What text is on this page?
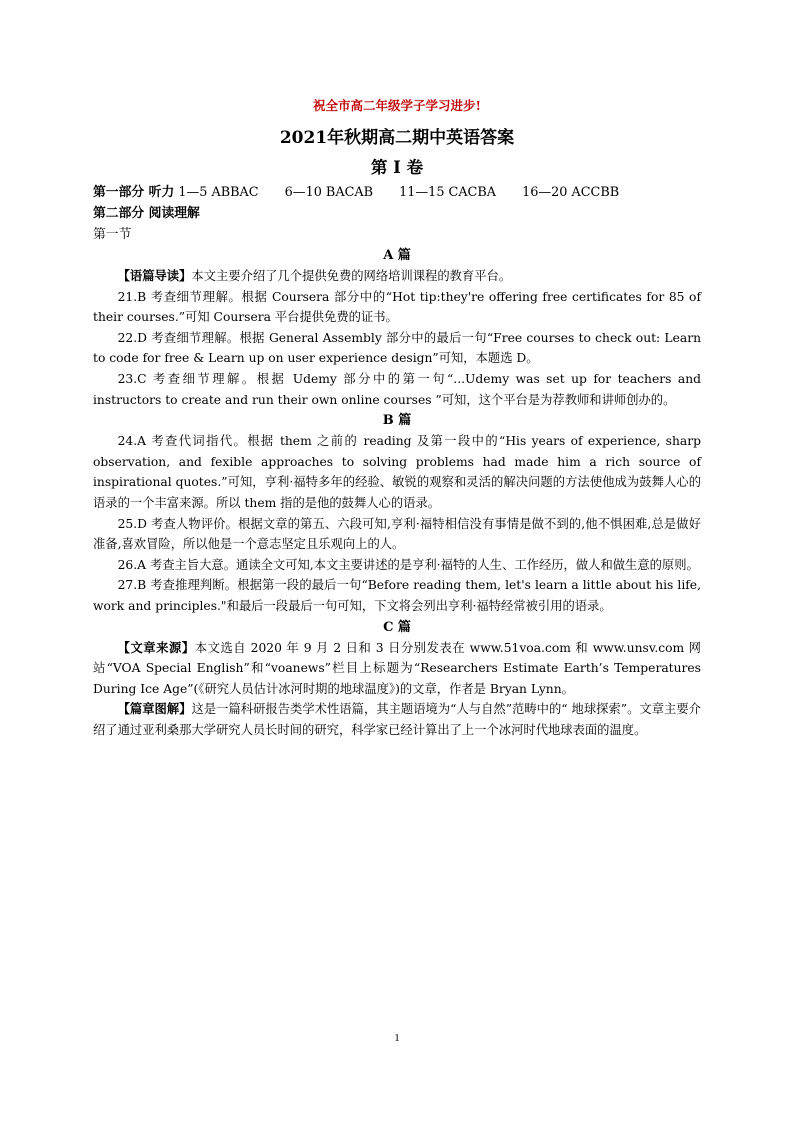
祝全市高二年级学子学习进步!

2021年秋期高二期中英语答案

第 I 卷

第一部分 听力 1—5 ABBAC 6—10 BACAB 11—15 CACBA 16—20 ACCBB

第二部分 阅读理解

第一节

A 篇

【语篇导读】本文主要介绍了几个提供免费的网络培训课程的教育平台。

21.B 考查细节理解。根据 Coursera 部分中的“Hot tip:they're offering free certificates for 85 of their courses.”可知 Coursera 平台提供免费的证书。

22.D 考查细节理解。根据 General Assembly 部分中的最后一句“Free courses to check out: Learn to code for free & Learn up on user experience design”可知，本题选 D。

23.C 考查细节理解。根据 Udemy 部分中的第一句“...Udemy was set up for teachers and instructors to create and run their own online courses ”可知，这个平台是为荐教师和讲师创办的。

B 篇

24.A 考查代词指代。根据 them 之前的 reading 及第一段中的“His years of experience, sharp observation, and fexible approaches to solving problems had made him a rich source of inspirational quotes.”可知，亨利·福特多年的经验、敏锐的观察和灵活的解决问题的方法使他成为鼓舞人心的语录的一个丰富来源。所以 them 指的是他的鼓舞人心的语录。

25.D 考查人物评价。根据文章的第五、六段可知,亨利·福特相信没有事情是做不到的,他不惧困难,总是做好准备,喜欢冒险，所以他是一个意志坚定且乐观向上的人。

26.A 考查主旨大意。通读全文可知,本文主要讲述的是亨利·福特的人生、工作经历，做人和做生意的原则。

27.B 考查推理判断。根据第一段的最后一句“Before reading them, let's learn a little about his life, work and principles."和最后一段最后一句可知，下文将会列出亨利·福特经常被引用的语录。

C 篇

【文章来源】本文选自 2020 年 9 月 2 日和 3 日分别发表在 www.51voa.com 和 www.unsv.com 网站“VOA Special English”和“voanews”栏目上标题为“Researchers Estimate Earth’s Temperatures During Ice Age”(《研究人员估计冰河时期的地球温度》)的文章，作者是 Bryan Lynn。

【篇章图解】这是一篇科研报告类学术性语篇，其主题语境为“人与自然”范畴中的“ 地球探索”。文章主要介绍了通过亚利桑那大学研究人员长时间的研究，科学家已经计算出了上一个冰河时代地球表面的温度。

1
